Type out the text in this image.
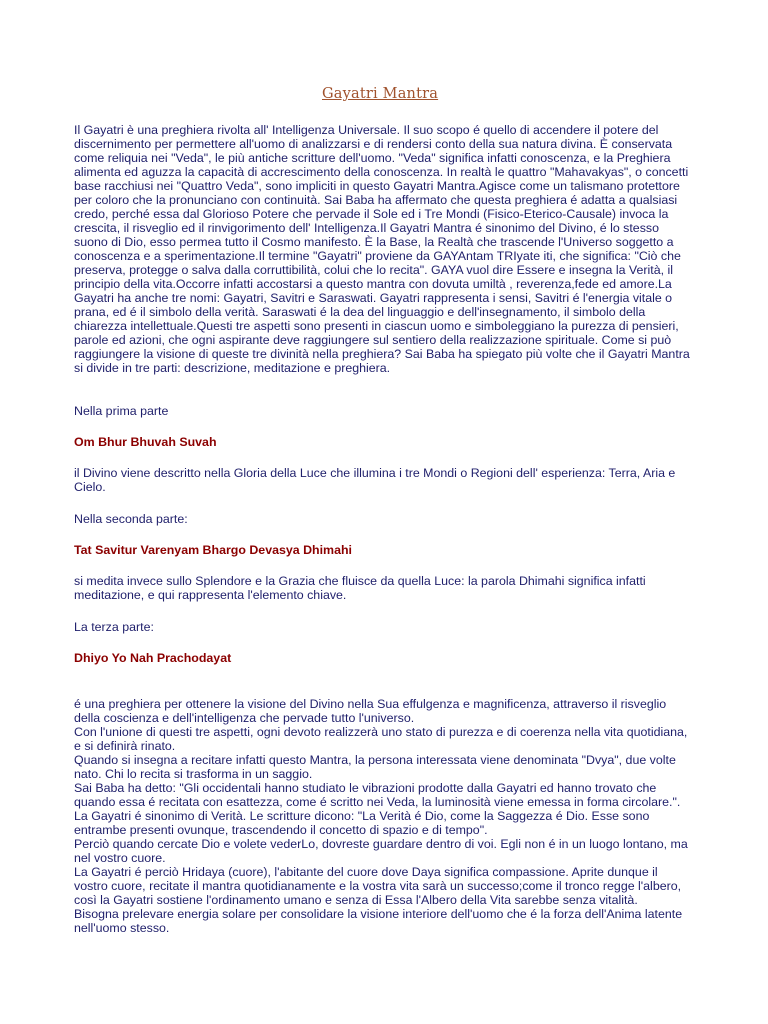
Gayatri Mantra

Il Gayatri è una preghiera rivolta all' Intelligenza Universale. Il suo scopo é quello di accendere il potere del discernimento per permettere all'uomo di analizzarsi e di rendersi conto della sua natura divina. È conservata come reliquia nei "Veda", le più antiche scritture dell'uomo. "Veda" significa infatti conoscenza, e la Preghiera alimenta ed aguzza la capacità di accrescimento della conoscenza. In realtà le quattro "Mahavakyas", o concetti base racchiusi nei "Quattro Veda", sono impliciti in questo Gayatri Mantra.Agisce come un talismano protettore per coloro che la pronunciano con continuità. Sai Baba ha affermato che questa preghiera é adatta a qualsiasi credo, perché essa dal Glorioso Potere che pervade il Sole ed i Tre Mondi (Fisico-Eterico-Causale) invoca la crescita, il risveglio ed il rinvigorimento dell' Intelligenza.Il Gayatri Mantra é sinonimo del Divino, é lo stesso suono di Dio, esso permea tutto il Cosmo manifesto. È la Base, la Realtà che trascende l'Universo soggetto a conoscenza e a sperimentazione.Il termine "Gayatri" proviene da GAYAntam TRIyate iti, che significa: "Ciò che preserva, protegge o salva dalla corruttibilità, colui che lo recita". GAYA vuol dire Essere e insegna la Verità, il principio della vita.Occorre infatti accostarsi a questo mantra con dovuta umiltà , reverenza,fede ed amore.La Gayatri ha anche tre nomi: Gayatri, Savitri e Saraswati. Gayatri rappresenta i sensi, Savitri é l'energia vitale o prana, ed é il simbolo della verità. Saraswati é la dea del linguaggio e dell'insegnamento, il simbolo della chiarezza intellettuale.Questi tre aspetti sono presenti in ciascun uomo e simboleggiano la purezza di pensieri, parole ed azioni, che ogni aspirante deve raggiungere sul sentiero della realizzazione spirituale. Come si può raggiungere la visione di queste tre divinità nella preghiera? Sai Baba ha spiegato più volte che il Gayatri Mantra si divide in tre parti: descrizione, meditazione e preghiera.

Nella prima parte

Om Bhur Bhuvah Suvah

il Divino viene descritto nella Gloria della Luce che illumina i tre Mondi o Regioni dell' esperienza: Terra, Aria e Cielo.

Nella seconda parte:

Tat Savitur Varenyam Bhargo Devasya Dhimahi

si medita invece sullo Splendore e la Grazia che fluisce da quella Luce: la parola Dhimahi significa infatti meditazione, e qui rappresenta l'elemento chiave.

La terza parte:

Dhiyo Yo Nah Prachodayat

é una preghiera per ottenere la visione del Divino nella Sua effulgenza e magnificenza, attraverso il risveglio della coscienza e dell'intelligenza che pervade tutto l'universo.

Con l'unione di questi tre aspetti, ogni devoto realizzerà uno stato di purezza e di coerenza nella vita quotidiana, e si definirà rinato.

Quando si insegna a recitare infatti questo Mantra, la persona interessata viene denominata "Dvya", due volte nato. Chi lo recita si trasforma in un saggio.

Sai Baba ha detto: "Gli occidentali hanno studiato le vibrazioni prodotte dalla Gayatri ed hanno trovato che quando essa é recitata con esattezza, come é scritto nei Veda, la luminosità viene emessa in forma circolare.". La Gayatri é sinonimo di Verità. Le scritture dicono: "La Verità é Dio, come la Saggezza é Dio. Esse sono entrambe presenti ovunque, trascendendo il concetto di spazio e di tempo".

Perciò quando cercate Dio e volete vederLo, dovreste guardare dentro di voi. Egli non é in un luogo lontano, ma nel vostro cuore.

La Gayatri é perciò Hridaya (cuore), l'abitante del cuore dove Daya significa compassione. Aprite dunque il vostro cuore, recitate il mantra quotidianamente e la vostra vita sarà un successo;come il tronco regge l'albero, così la Gayatri sostiene l'ordinamento umano e senza di Essa l'Albero della Vita sarebbe senza vitalità.

Bisogna prelevare energia solare per consolidare la visione interiore dell'uomo che é la forza dell'Anima latente nell'uomo stesso.
